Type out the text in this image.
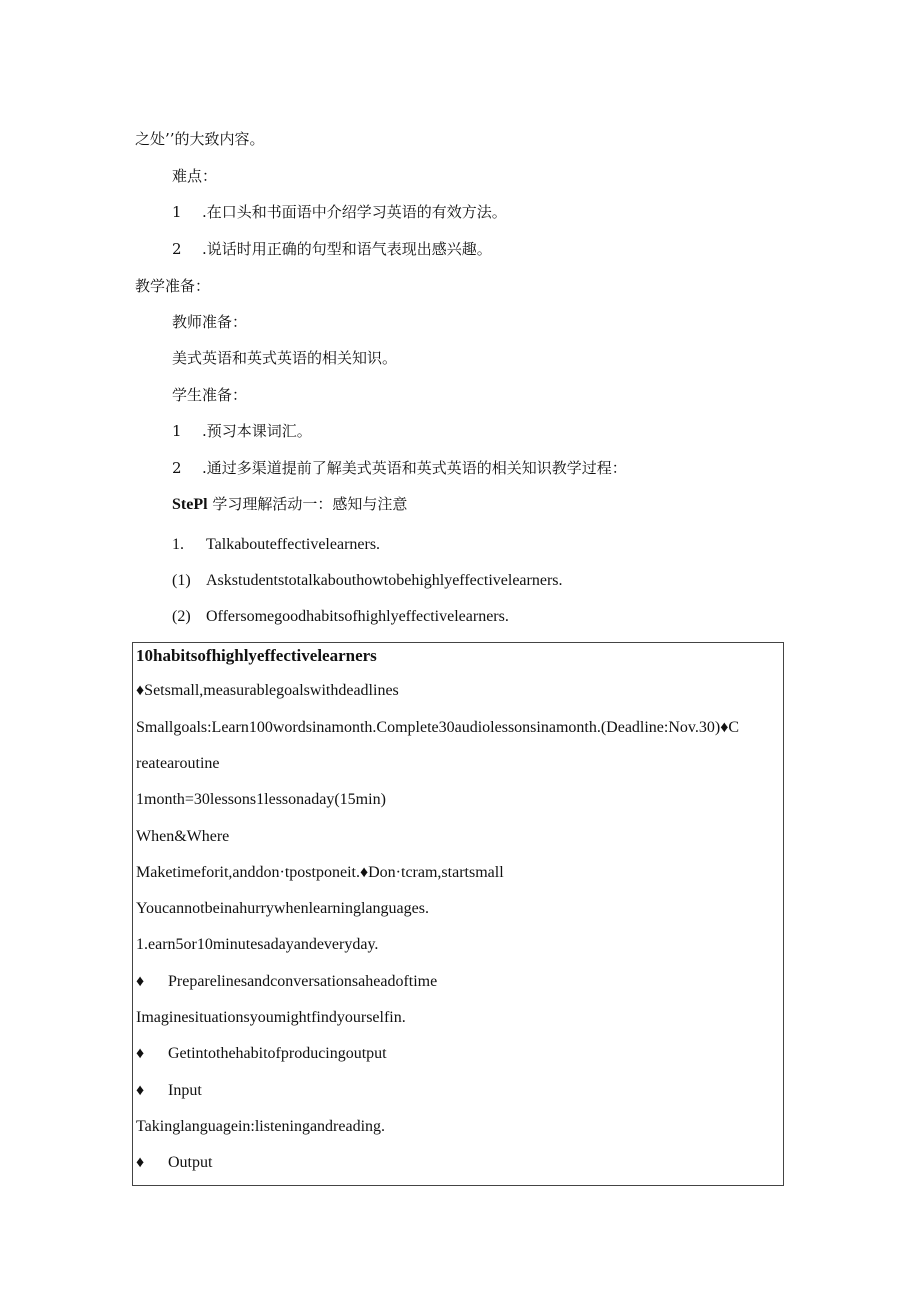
之处’’的大致内容。
难点：
1 .在口头和书面语中介绍学习英语的有效方法。
2 .说话时用正确的句型和语气表现出感兴趣。
教学准备：
教师准备：
美式英语和英式英语的相关知识。
学生准备：
1 .预习本课词汇。
2 .通过多渠道提前了解美式英语和英式英语的相关知识教学过程：
StePl 学习理解活动一：感知与注意
1. Talkabouteffectivelearners.
(1) Askstudentstotalkabouthowtobehighlyeffectivelearners.
(2) Offersomegoodhabitsofhighlyeffectivelearners.
10habitsofhighlyeffectivelearners
♦Setsmall,measurablegoalswithdeadlines
Smallgoals:Learn100wordsinamonth.Complete30audiolessonsinamonth.(Deadline:Nov.30)♦C
reatearoutine
1month=30lessons1lessonaday(15min)
When&Where
Maketimeforit,anddon·tpostponeit.♦Don·tcram,startsmall
Youcannotbeinahurrywhenlearninglanguages.
1.earn5or10minutesadayandeveryday.
♦ Preparelinesandconversationsaheadoftime
Imaginesituationsyoumightfindyourselfin.
♦ Getintothehabitofproducingoutput
♦ Input
Takinglanguagein:listeningandreading.
♦ Output
